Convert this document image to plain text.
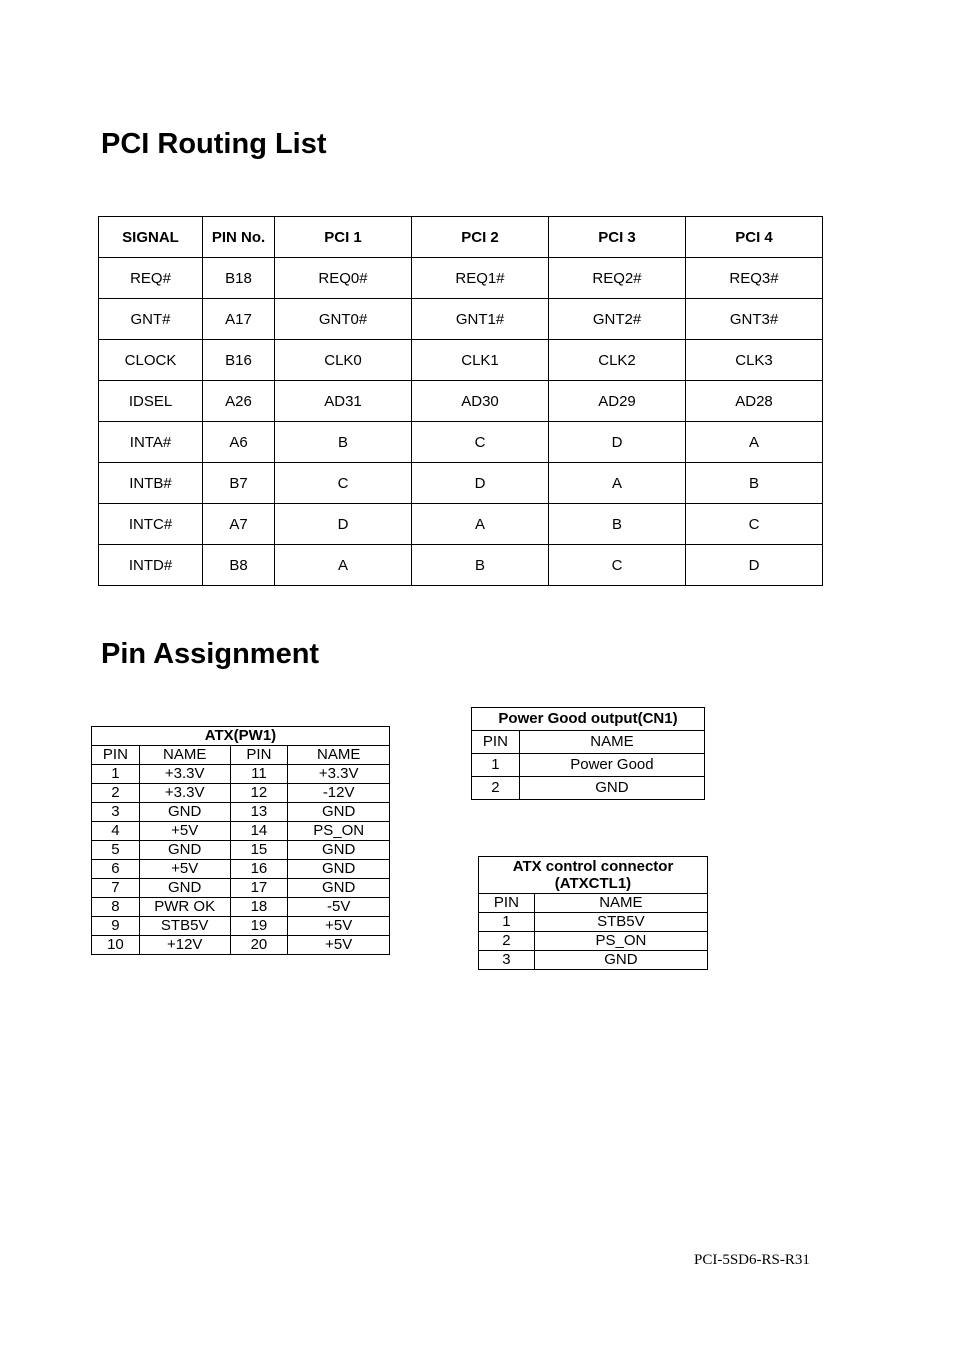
PCI Routing List
SIGNAL	PIN No.	PCI 1	PCI 2	PCI 3	PCI 4
REQ#	B18	REQ0#	REQ1#	REQ2#	REQ3#
GNT#	A17	GNT0#	GNT1#	GNT2#	GNT3#
CLOCK	B16	CLK0	CLK1	CLK2	CLK3
IDSEL	A26	AD31	AD30	AD29	AD28
INTA#	A6	B	C	D	A
INTB#	B7	C	D	A	B
INTC#	A7	D	A	B	C
INTD#	B8	A	B	C	D
Pin Assignment
ATX(PW1)			
PIN	NAME	PIN	NAME
1	+3.3V	11	+3.3V
2	+3.3V	12	-12V
3	GND	13	GND
4	+5V	14	PS_ON
5	GND	15	GND
6	+5V	16	GND
7	GND	17	GND
8	PWR OK	18	-5V
9	STB5V	19	+5V
10	+12V	20	+5V
Power Good output(CN1)	
PIN	NAME
1	Power Good
2	GND
ATX control connector
(ATXCTL1)	
PIN	NAME
1	STB5V
2	PS_ON
3	GND
PCI-5SD6-RS-R31
